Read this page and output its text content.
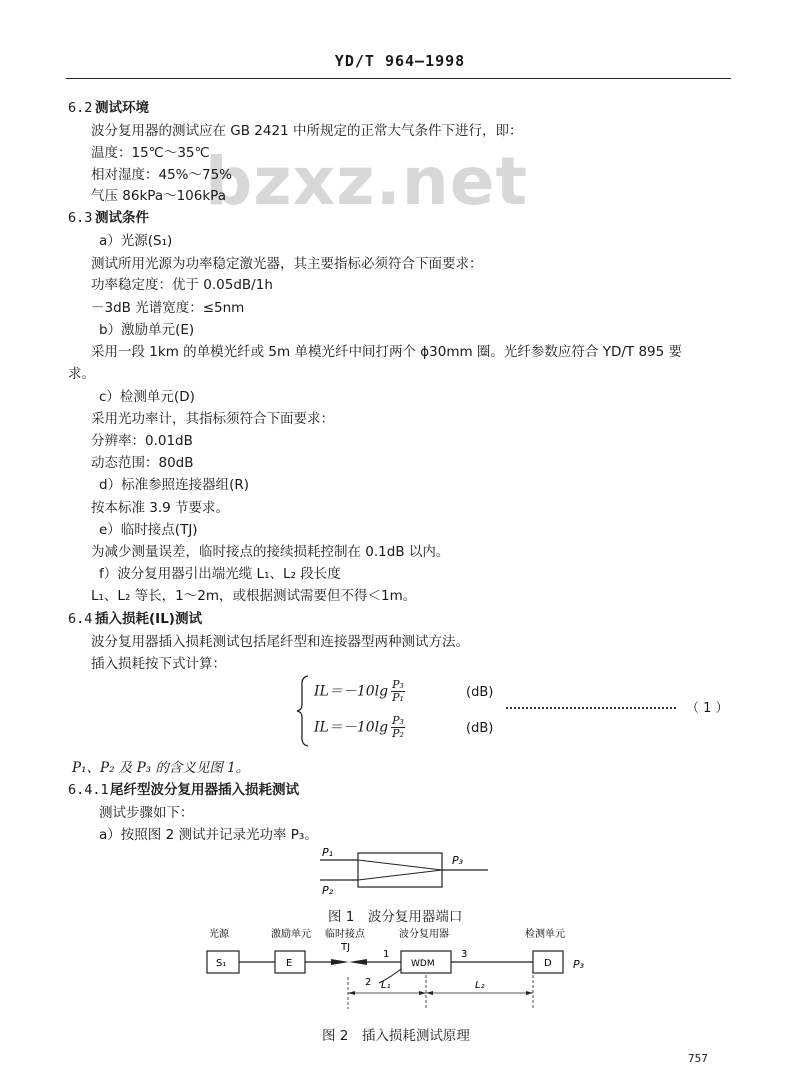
YD/T 964—1998
bzxz.net
6.2 测试环境
波分复用器的测试应在 GB 2421 中所规定的正常大气条件下进行，即：
温度：15℃～35℃
相对湿度：45%～75%
气压 86kPa～106kPa
6.3 测试条件
a）光源(S₁)
测试所用光源为功率稳定激光器，其主要指标必须符合下面要求：
功率稳定度：优于 0.05dB/1h
－3dB 光谱宽度：≤5nm
b）激励单元(E)
采用一段 1km 的单模光纤或 5m 单模光纤中间打两个 ϕ30mm 圈。光纤参数应符合 YD/T 895 要
求。
c）检测单元(D)
采用光功率计，其指标须符合下面要求：
分辨率：0.01dB
动态范围：80dB
d）标准参照连接器组(R)
按本标准 3.9 节要求。
e）临时接点(TJ)
为减少测量误差，临时接点的接续损耗控制在 0.1dB 以内。
f）波分复用器引出端光缆 L₁、L₂ 段长度
L₁、L₂ 等长，1～2m，或根据测试需要但不得＜1m。
6.4 插入损耗(IL)测试
波分复用器插入损耗测试包括尾纤型和连接器型两种测试方法。
插入损耗按下式计算：
$IL=-10\lg \frac{\text{P₃}}{\text{P₁}}$	(dB)
$IL=-10\lg \frac{\text{P₃}}{\text{P₂}}$	(dB)
（ 1 ）
P₁、P₂ 及 P₃ 的含义见图 1。
6.4.1尾纤型波分复用器插入损耗测试
测试步骤如下：
a）按照图 2 测试并记录光功率 P₃。
P₁
P₂
P₃
图 1　波分复用器端口
光源	激励单元 临时接点	波分复用器	检测单元
TJ
S₁	E
1
2
WDM
3
D P₃
L₁	L₂
图 2　插入损耗测试原理
757
